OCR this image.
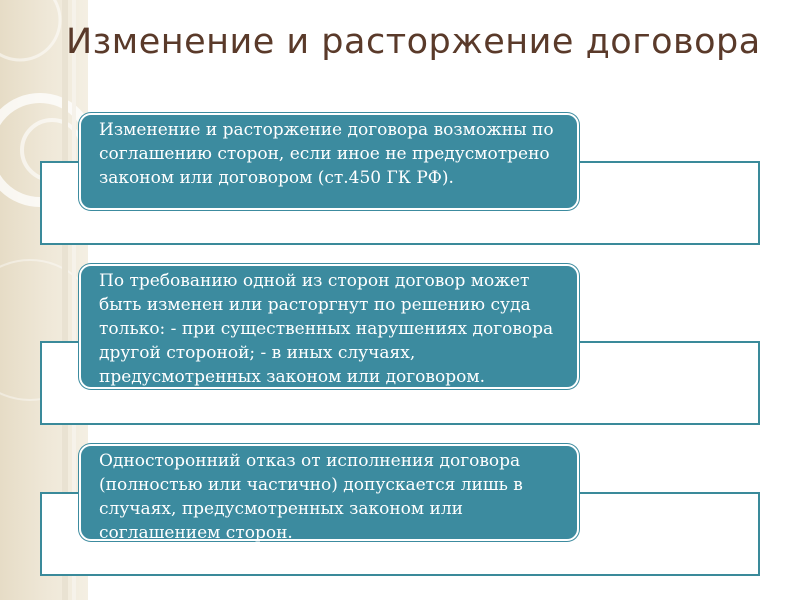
Изменение и расторжение договора
Изменение и расторжение договора возможны по соглашению сторон, если иное не предусмотрено законом или договором (ст.450 ГК РФ).
По требованию одной из сторон договор может быть изменен или расторгнут по решению суда только: - при существенных нарушениях договора другой стороной; - в иных случаях, предусмотренных законом или договором.
Односторонний отказ от исполнения договора (полностью или частично) допускается лишь в случаях, предусмотренных законом или соглашением сторон.
